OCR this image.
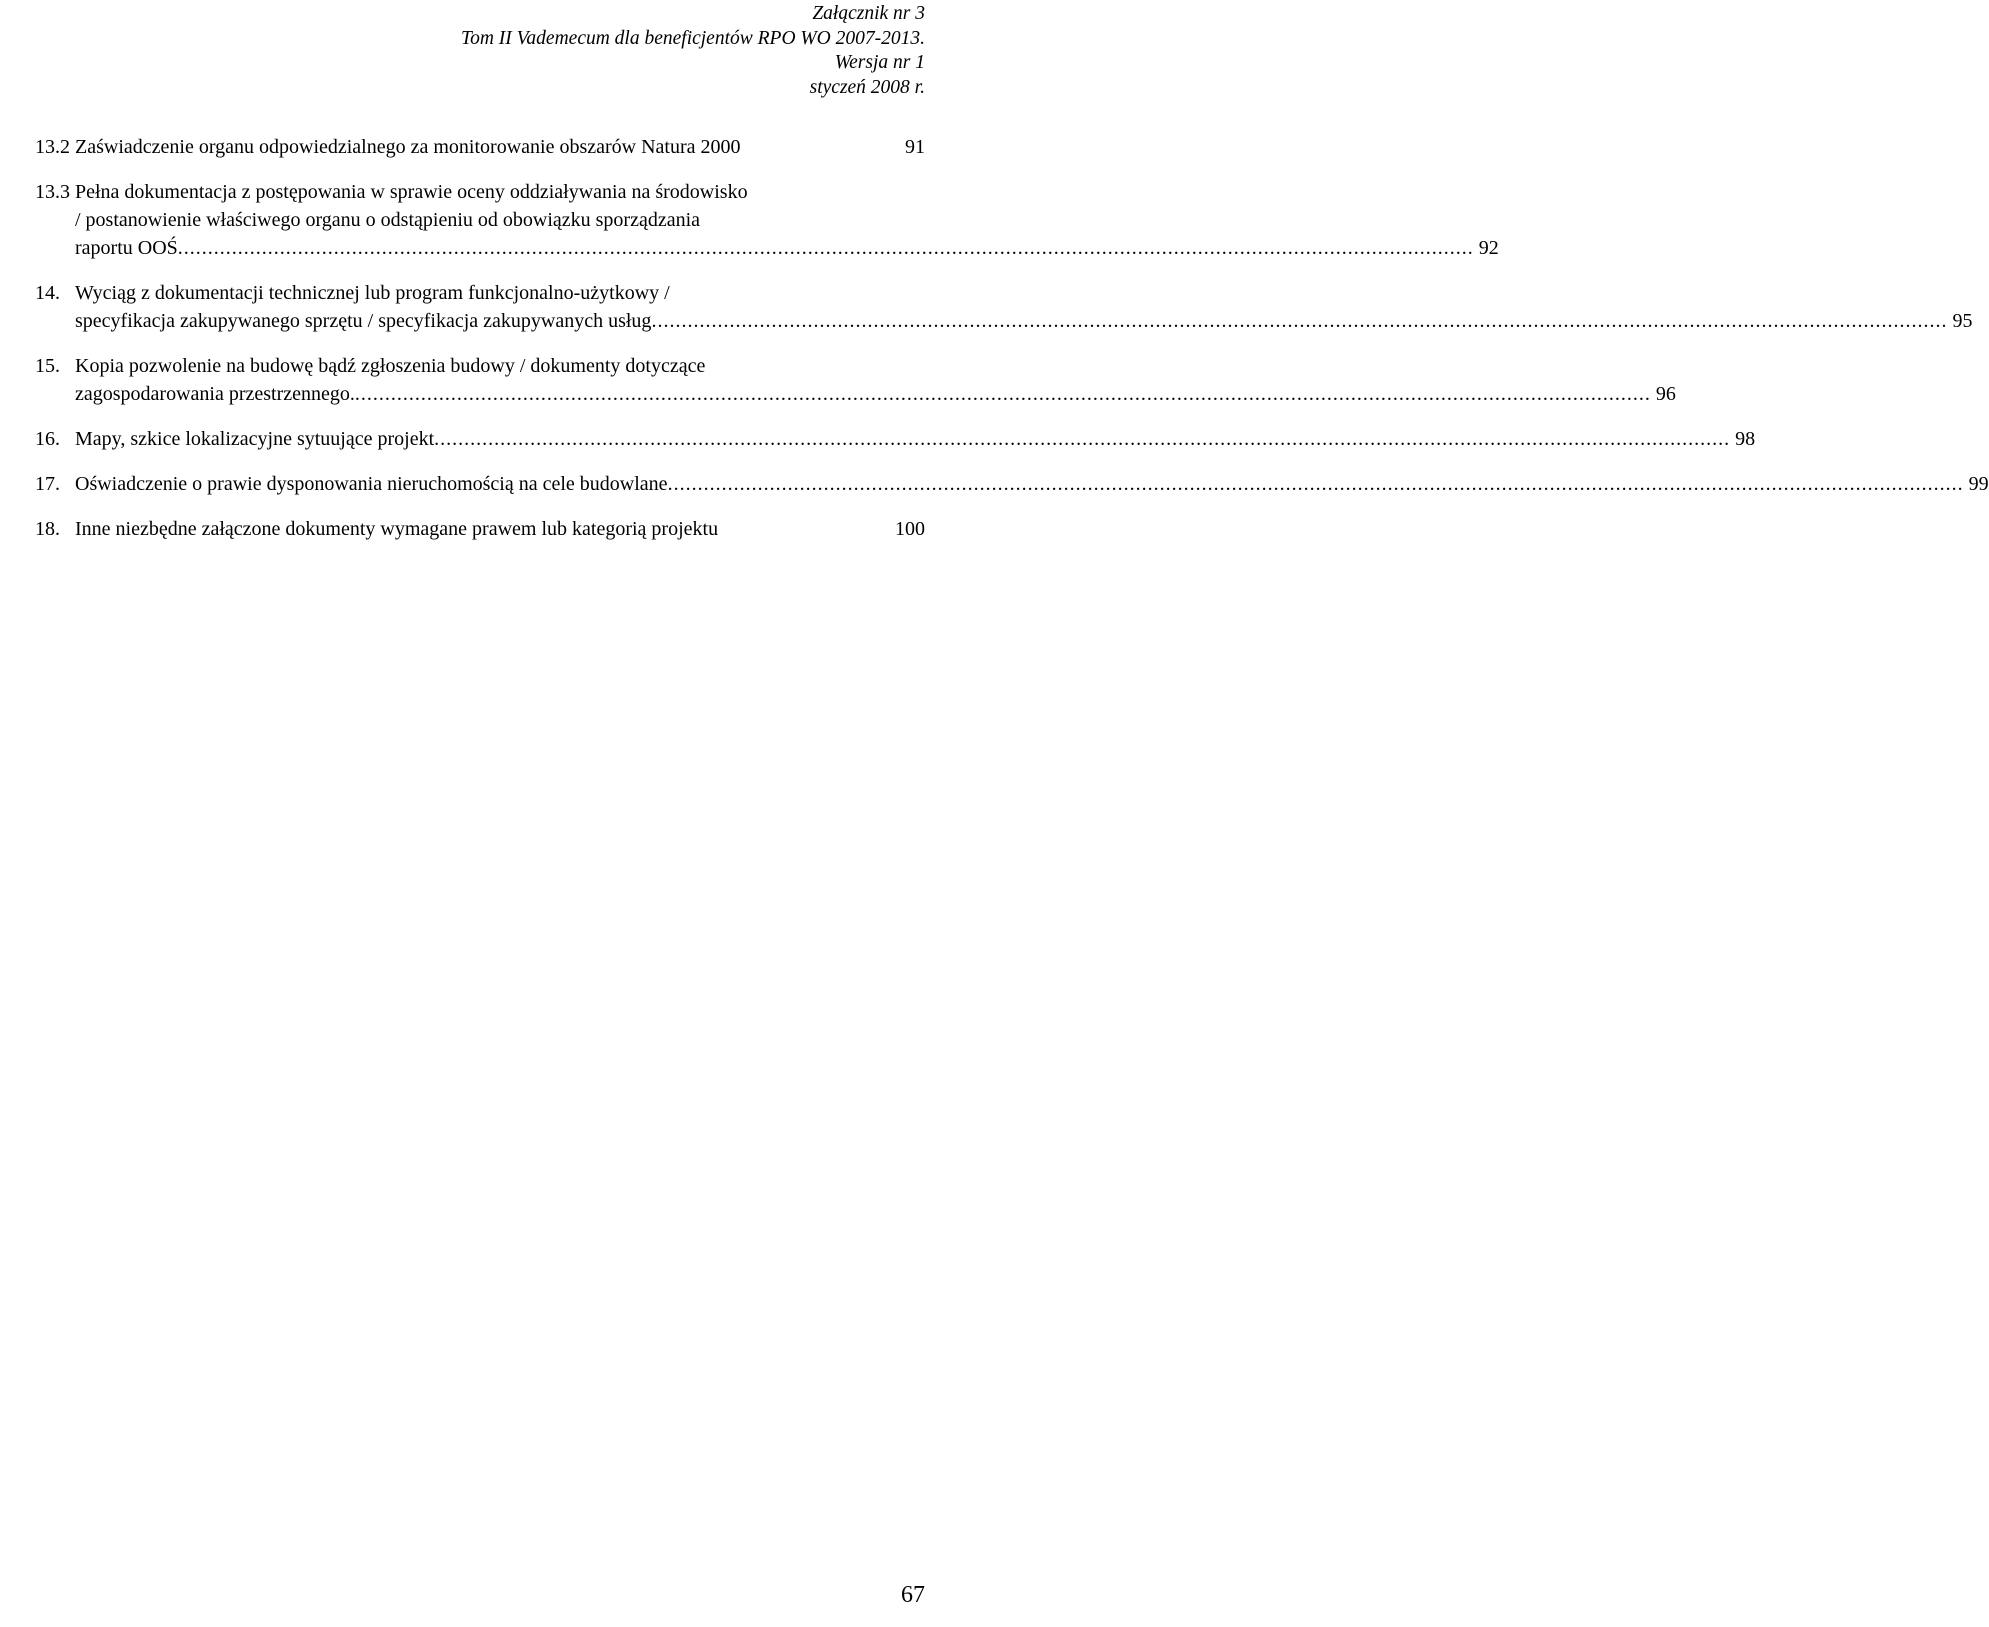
Załącznik nr 3
Tom II Vademecum dla beneficjentów RPO WO 2007-2013.
Wersja nr 1
styczeń 2008 r.
13.2 Zaświadczenie organu odpowiedzialnego za monitorowanie obszarów Natura 2000	91
13.3 Pełna dokumentacja z postępowania w sprawie oceny oddziaływania na środowisko
/ postanowienie właściwego organu o odstąpieniu od obowiązku sporządzania
raportu OOŚ .....	92
14. Wyciąg z dokumentacji technicznej lub program funkcjonalno-użytkowy /
specyfikacja zakupywanego sprzętu / specyfikacja zakupywanych usług .....	95
15. Kopia pozwolenie na budowę bądź zgłoszenia budowy / dokumenty dotyczące
zagospodarowania przestrzennego. .....	96
16. Mapy, szkice lokalizacyjne sytuujące projekt .....	98
17. Oświadczenie o prawie dysponowania nieruchomością na cele budowlane .....	99
18. Inne niezbędne załączone dokumenty wymagane prawem lub kategorią projektu	100
67
